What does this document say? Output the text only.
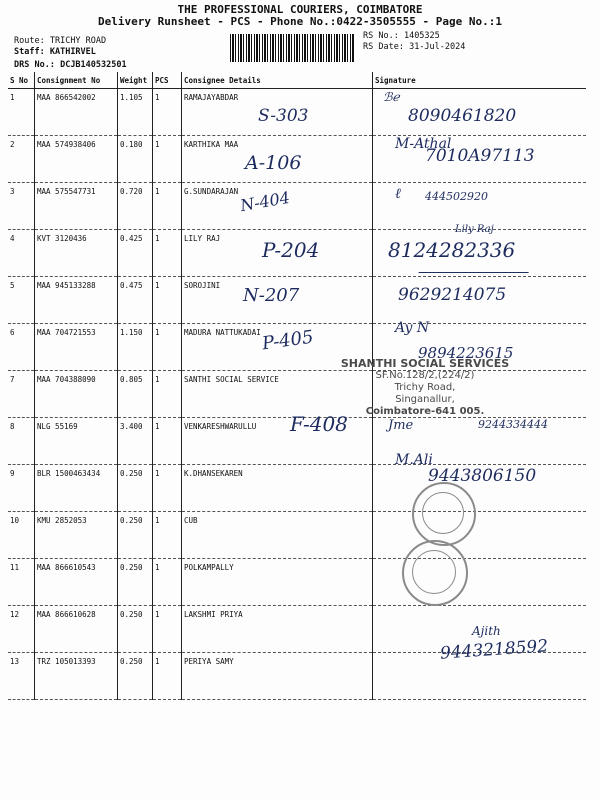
THE PROFESSIONAL COURIERS, COIMBATORE
Delivery Runsheet - PCS - Phone No.:0422-3505555 - Page No.:1
Route: TRICHY ROAD
Staff: KATHIRVEL
DRS No.: DCJB140532501
RS No.: 1405325
RS Date: 31-Jul-2024
S No	Consignment No	Weight	PCS	Consignee Details	Signature
1	MAA 866542002	1.105	1	RAMAJAYABDAR	
2	MAA 574938406	0.180	1	KARTHIKA MAA	
3	MAA 575547731	0.720	1	G.SUNDARAJAN	
4	KVT 3120436	0.425	1	LILY RAJ	
5	MAA 945133288	0.475	1	SOROJINI	
6	MAA 704721553	1.150	1	MADURA NATTUKADAI	
7	MAA 704388090	0.805	1	SANTHI SOCIAL SERVICE	
8	NLG 55169	3.400	1	VENKARESHWARULLU	
9	BLR 1500463434	0.250	1	K.DHANSEKAREN	
10	KMU 2852053	0.250	1	CUB	
11	MAA 866610543	0.250	1	POLKAMPALLY	
12	MAA 866610628	0.250	1	LAKSHMI PRIYA	
13	TRZ 105013393	0.250	1	PERIYA SAMY	
S-303
A-106
N-404
P-204
N-207
P-405
F-408
ℬℯ
8090461820
M-Athal
7010A97113
ℓ 444502920
Lily Raj
8124282336
9629214075
Ay N
9894223615
Jme	9244334444
M.Ali
9443806150
Ajith
9443218592
SHANTHI SOCIAL SERVICES
SF.No.128/2,(224/2)
Trichy Road,
Singanallur,
Coimbatore-641 005.
